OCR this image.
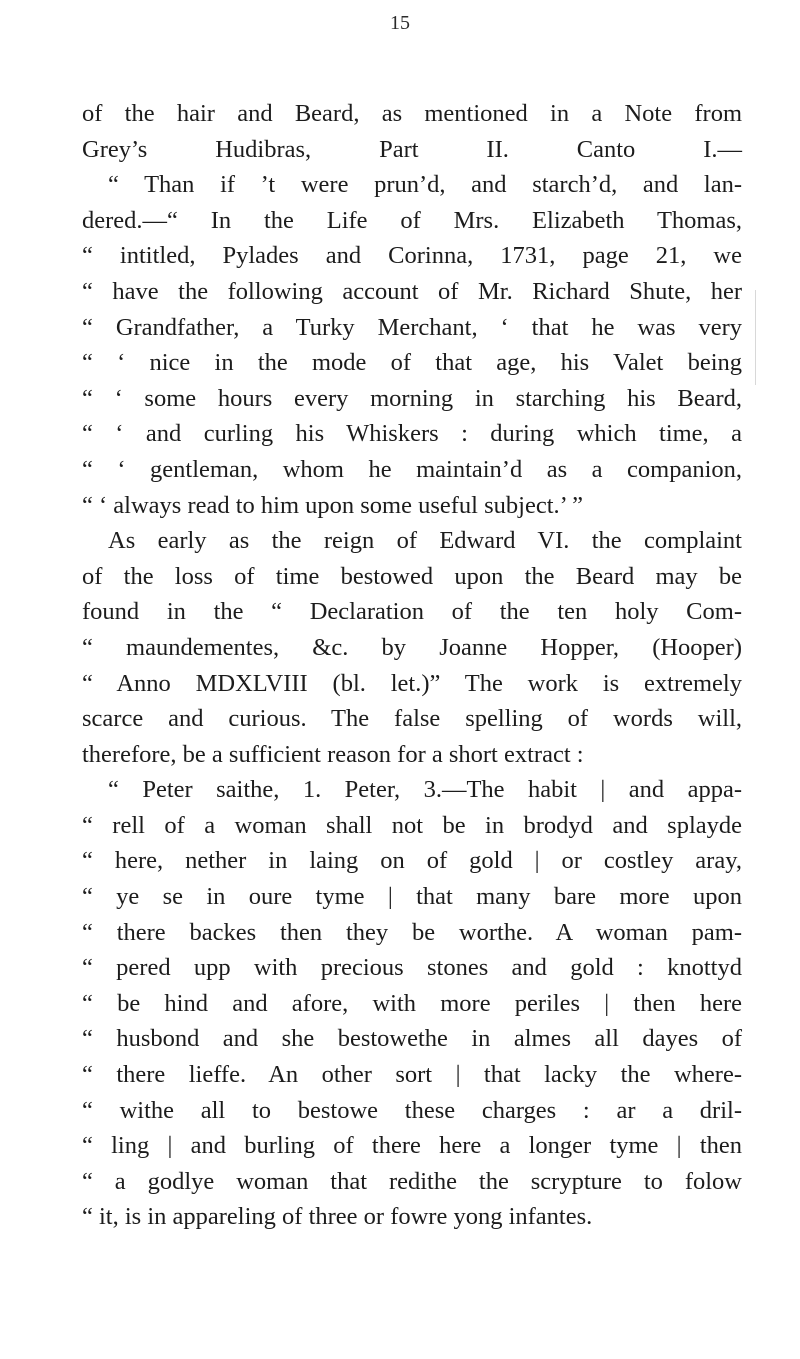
15
of the hair and Beard, as mentioned in a Note from
Grey’s Hudibras, Part II. Canto I.—
“ Than if ’t were prun’d, and starch’d, and lan-
dered.—“ In the Life of Mrs. Elizabeth Thomas,
“ intitled, Pylades and Corinna, 1731, page 21, we
“ have the following account of Mr. Richard Shute, her
“ Grandfather, a Turky Merchant, ‘ that he was very
“ ‘ nice in the mode of that age, his Valet being
“ ‘ some hours every morning in starching his Beard,
“ ‘ and curling his Whiskers : during which time, a
“ ‘ gentleman, whom he maintain’d as a companion,
“ ‘ always read to him upon some useful subject.’ ”
As early as the reign of Edward VI. the complaint
of the loss of time bestowed upon the Beard may be
found in the “ Declaration of the ten holy Com-
“ maundementes, &c. by Joanne Hopper, (Hooper)
“ Anno MDXLVIII (bl. let.)” The work is extremely
scarce and curious. The false spelling of words will,
therefore, be a sufficient reason for a short extract :
“ Peter saithe, 1. Peter, 3.—The habit | and appa-
“ rell of a woman shall not be in brodyd and splayde
“ here, nether in laing on of gold | or costley aray,
“ ye se in oure tyme | that many bare more upon
“ there backes then they be worthe. A woman pam-
“ pered upp with precious stones and gold : knottyd
“ be hind and afore, with more periles | then here
“ husbond and she bestowethe in almes all dayes of
“ there lieffe. An other sort | that lacky the where-
“ withe all to bestowe these charges : ar a dril-
“ ling | and burling of there here a longer tyme | then
“ a godlye woman that redithe the scrypture to folow
“ it, is in appareling of three or fowre yong infantes.
